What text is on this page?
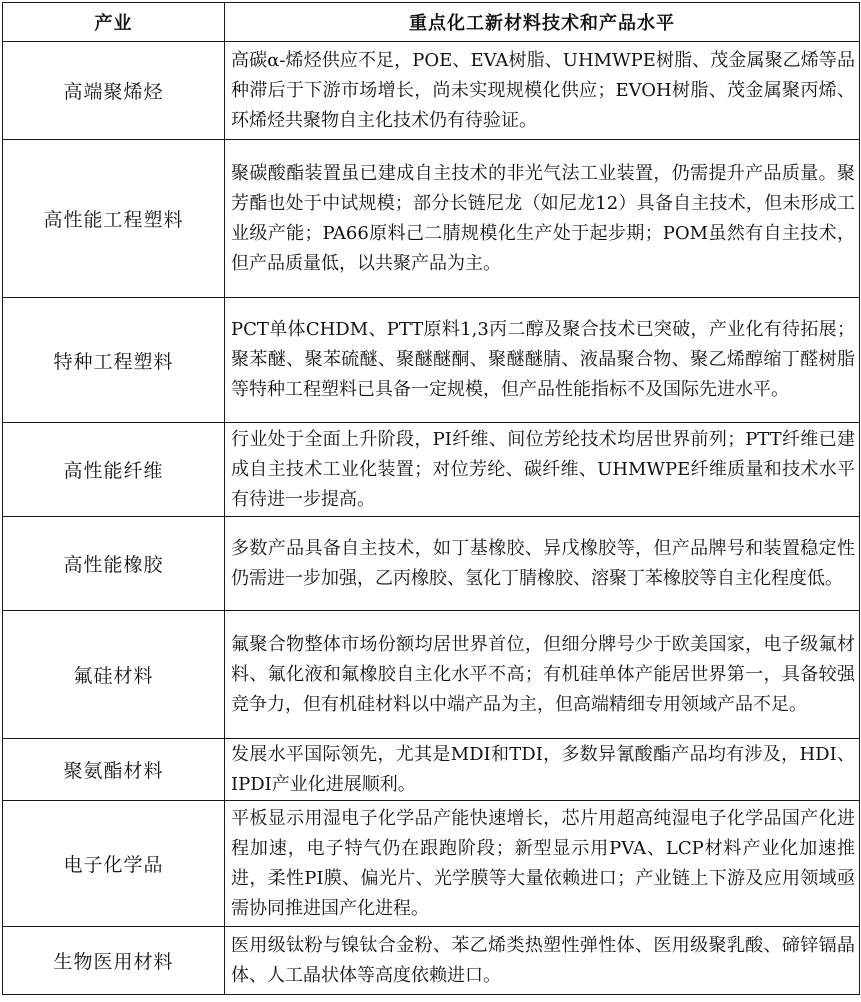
产业	重点化工新材料技术和产品水平
高端聚烯烃	高碳α-烯烃供应不足，POE、EVA树脂、UHMWPE树脂、茂金属聚乙烯等品种滞后于下游市场增长，尚未实现规模化供应；EVOH树脂、茂金属聚丙烯、环烯烃共聚物自主化技术仍有待验证。
高性能工程塑料	聚碳酸酯装置虽已建成自主技术的非光气法工业装置，仍需提升产品质量。聚芳酯也处于中试规模；部分长链尼龙（如尼龙12）具备自主技术，但未形成工业级产能；PA66原料己二腈规模化生产处于起步期；POM虽然有自主技术，但产品质量低，以共聚产品为主。
特种工程塑料	PCT单体CHDM、PTT原料1,3丙二醇及聚合技术已突破，产业化有待拓展；聚苯醚、聚苯硫醚、聚醚醚酮、聚醚醚腈、液晶聚合物、聚乙烯醇缩丁醛树脂等特种工程塑料已具备一定规模，但产品性能指标不及国际先进水平。
高性能纤维	行业处于全面上升阶段，PI纤维、间位芳纶技术均居世界前列；PTT纤维已建成自主技术工业化装置；对位芳纶、碳纤维、UHMWPE纤维质量和技术水平有待进一步提高。
高性能橡胶	多数产品具备自主技术，如丁基橡胶、异戊橡胶等，但产品牌号和装置稳定性仍需进一步加强，乙丙橡胶、氢化丁腈橡胶、溶聚丁苯橡胶等自主化程度低。
氟硅材料	氟聚合物整体市场份额均居世界首位，但细分牌号少于欧美国家，电子级氟材料、氟化液和氟橡胶自主化水平不高；有机硅单体产能居世界第一，具备较强竞争力，但有机硅材料以中端产品为主，但高端精细专用领域产品不足。
聚氨酯材料	发展水平国际领先，尤其是MDI和TDI，多数异氰酸酯产品均有涉及，HDI、IPDI产业化进展顺利。
电子化学品	平板显示用湿电子化学品产能快速增长，芯片用超高纯湿电子化学品国产化进程加速，电子特气仍在跟跑阶段；新型显示用PVA、LCP材料产业化加速推进，柔性PI膜、偏光片、光学膜等大量依赖进口；产业链上下游及应用领域亟需协同推进国产化进程。
生物医用材料	医用级钛粉与镍钛合金粉、苯乙烯类热塑性弹性体、医用级聚乳酸、碲锌镉晶体、人工晶状体等高度依赖进口。
